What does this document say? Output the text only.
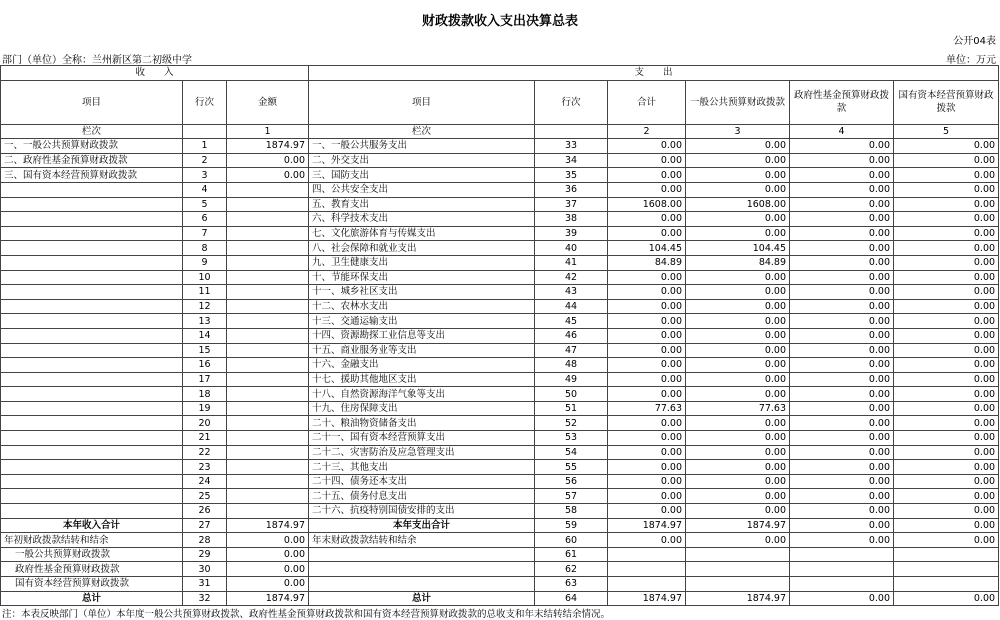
财政拨款收入支出决算总表
公开04表
部门（单位）全称：兰州新区第二初级中学	单位：万元
收　　入			支　　出					
项目	行次	金额	项目	行次	合计	一般公共预算财政拨款	政府性基金预算财政拨款	国有资本经营预算财政拨款
栏次		1	栏次		2	3	4	5
一、一般公共预算财政拨款	1	1874.97	一、一般公共服务支出	33	0.00	0.00	0.00	0.00
二、政府性基金预算财政拨款	2	0.00	二、外交支出	34	0.00	0.00	0.00	0.00
三、国有资本经营预算财政拨款	3	0.00	三、国防支出	35	0.00	0.00	0.00	0.00
	4		四、公共安全支出	36	0.00	0.00	0.00	0.00
	5		五、教育支出	37	1608.00	1608.00	0.00	0.00
	6		六、科学技术支出	38	0.00	0.00	0.00	0.00
	7		七、文化旅游体育与传媒支出	39	0.00	0.00	0.00	0.00
	8		八、社会保障和就业支出	40	104.45	104.45	0.00	0.00
	9		九、卫生健康支出	41	84.89	84.89	0.00	0.00
	10		十、节能环保支出	42	0.00	0.00	0.00	0.00
	11		十一、城乡社区支出	43	0.00	0.00	0.00	0.00
	12		十二、农林水支出	44	0.00	0.00	0.00	0.00
	13		十三、交通运输支出	45	0.00	0.00	0.00	0.00
	14		十四、资源勘探工业信息等支出	46	0.00	0.00	0.00	0.00
	15		十五、商业服务业等支出	47	0.00	0.00	0.00	0.00
	16		十六、金融支出	48	0.00	0.00	0.00	0.00
	17		十七、援助其他地区支出	49	0.00	0.00	0.00	0.00
	18		十八、自然资源海洋气象等支出	50	0.00	0.00	0.00	0.00
	19		十九、住房保障支出	51	77.63	77.63	0.00	0.00
	20		二十、粮油物资储备支出	52	0.00	0.00	0.00	0.00
	21		二十一、国有资本经营预算支出	53	0.00	0.00	0.00	0.00
	22		二十二、灾害防治及应急管理支出	54	0.00	0.00	0.00	0.00
	23		二十三、其他支出	55	0.00	0.00	0.00	0.00
	24		二十四、债务还本支出	56	0.00	0.00	0.00	0.00
	25		二十五、债务付息支出	57	0.00	0.00	0.00	0.00
	26		二十六、抗疫特别国债安排的支出	58	0.00	0.00	0.00	0.00
本年收入合计	27	1874.97	本年支出合计	59	1874.97	1874.97	0.00	0.00
年初财政拨款结转和结余	28	0.00	年末财政拨款结转和结余	60	0.00	0.00	0.00	0.00
一般公共预算财政拨款	29	0.00		61				
政府性基金预算财政拨款	30	0.00		62				
国有资本经营预算财政拨款	31	0.00		63				
总计	32	1874.97	总计	64	1874.97	1874.97	0.00	0.00
注：本表反映部门（单位）本年度一般公共预算财政拨款、政府性基金预算财政拨款和国有资本经营预算财政拨款的总收支和年末结转结余情况。
